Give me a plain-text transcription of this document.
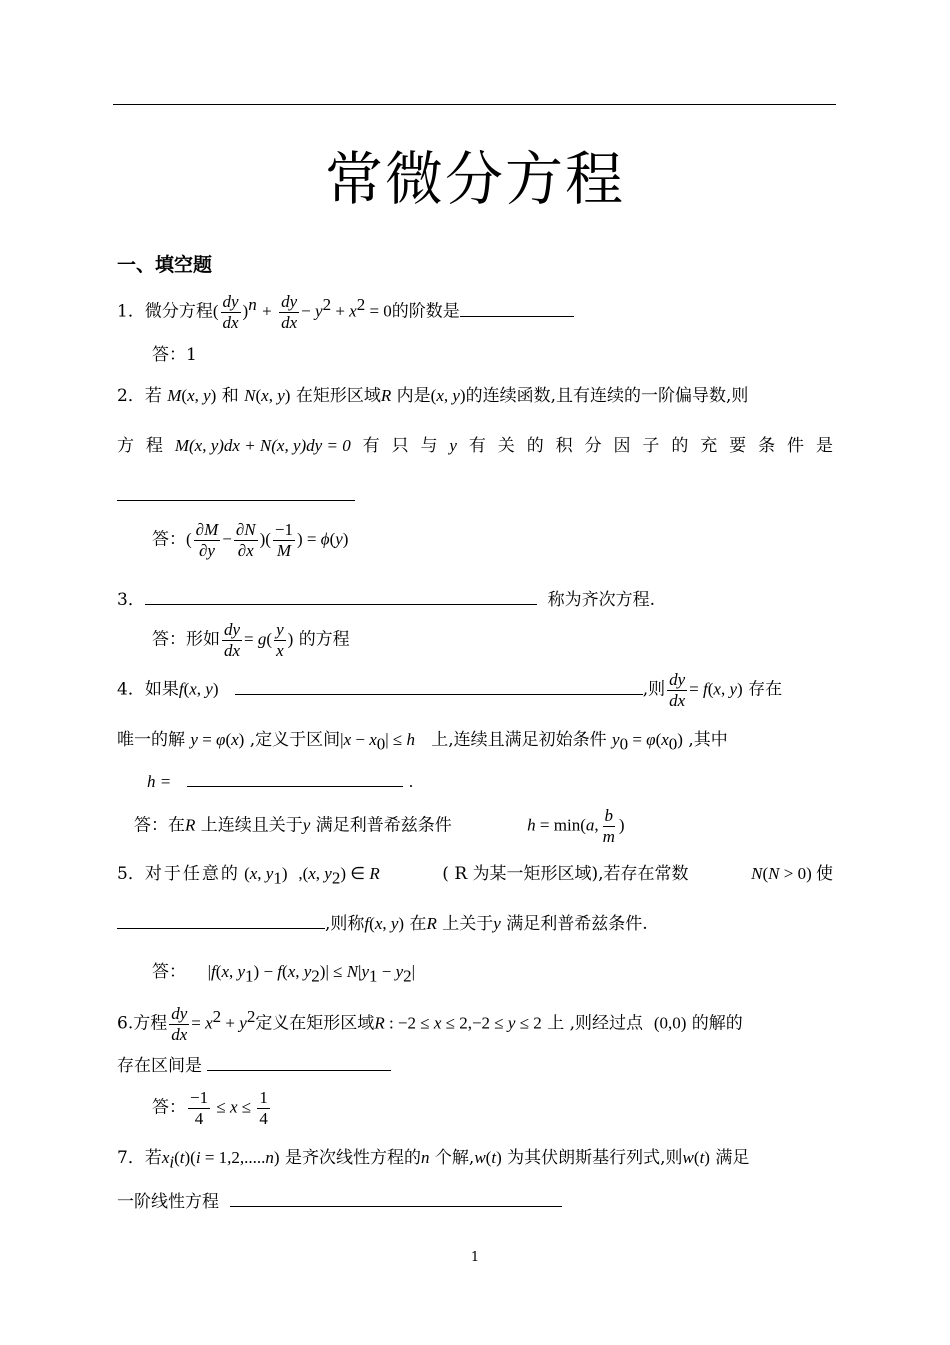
常微分方程
一、填空题
1．微分方程( $\frac{dy}{dx} )^n + \frac{dy}{dx} - y^2 + x^2 = 0$的阶数是
答：1
2．若 M(x, y) 和 N(x, y) 在矩形区域R 内是(x, y)的连续函数,且有连续的一阶偏导数,则
方 程 M(x, y)dx + N(x, y)dy = 0 有 只 与 y 有 关 的 积 分 因 子 的 充 要 条 件 是
答：( $\frac{\partial M}{\partial y} - \frac{\partial N}{\partial x}$ )( $\frac{-1}{M}$ ) = ϕ(y)
3．	称为齐次方程.
答：形如 $\frac{dy}{dx} = g( \frac{y}{x}$ ) 的方程
4．如果f(x, y)	,则 $\frac{dy}{dx} = f(x$, y) 存在
唯一的解 y = φ(x) ,定义于区间$|x - x_0| \le h$ 上,连续且满足初始条件 $y_0 = \varphi(x_0)$ ,其中
h =	.
答：在R 上连续且关于y 满足利普希兹条件	h = min(a, $\frac{b}{m}$ )
5．对于任意的 (x, $y_1$) ,(x, $y_2$) ∈ R	( R 为某一矩形区域),若存在常数	N(N > 0) 使
,则称f(x, y) 在R 上关于y 满足利普希兹条件.
答： |f(x, $y_1) - f(x$, $y_2)| \le N|y_1 - y_2|$
6.方程 $\frac{dy}{dx} = x^2 + y^2$定义在矩形区域R : −2 ≤ x ≤ 2,−2 ≤ y ≤ 2 上 ,则经过点 (0,0) 的解的
存在区间是
答： $\frac{-1}{4} \le x \le \frac{1}{4}$
7．若$x_i(t)(i = 1,2,.....n)$ 是齐次线性方程的n 个解,w(t) 为其伏朗斯基行列式,则w(t) 满足
一阶线性方程
1
